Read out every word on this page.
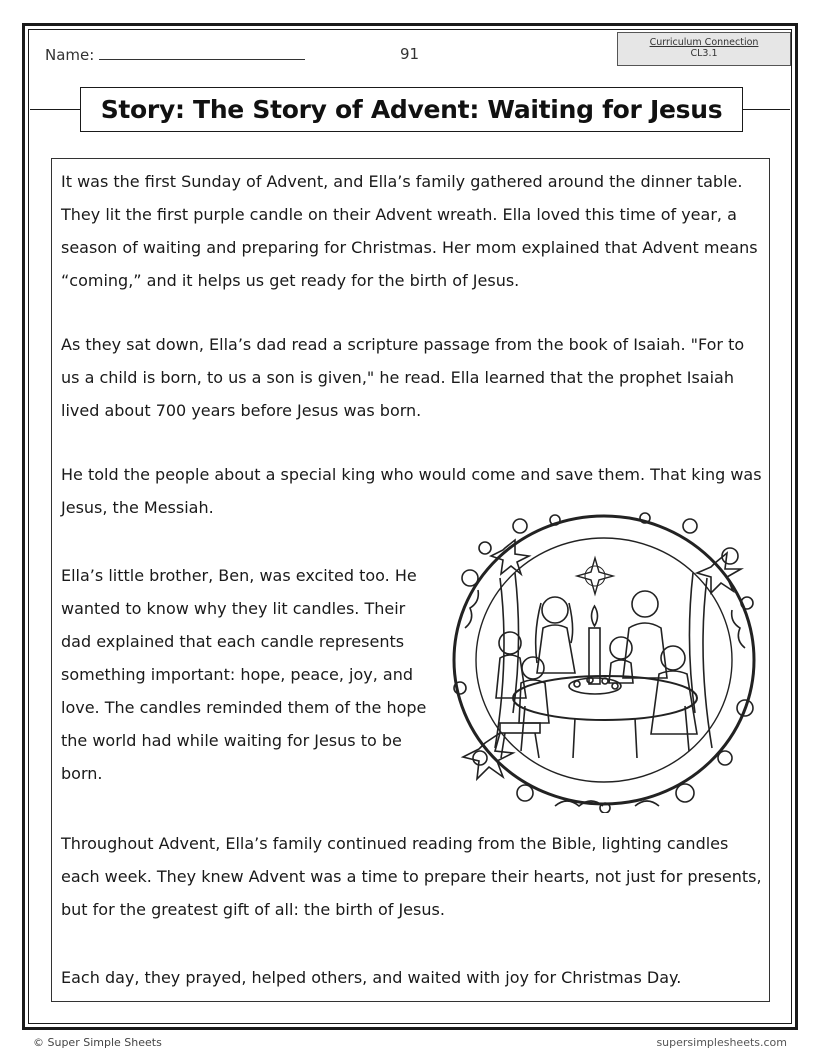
Name:	91
Curriculum Connection
CL3.1
Story: The Story of Advent: Waiting for Jesus

It was the first Sunday of Advent, and Ella’s family gathered around the dinner table. They lit the first purple candle on their Advent wreath. Ella loved this time of year, a season of waiting and preparing for Christmas. Her mom explained that Advent means “coming,” and it helps us get ready for the birth of Jesus.

As they sat down, Ella’s dad read a scripture passage from the book of Isaiah. "For to us a child is born, to us a son is given," he read. Ella learned that the prophet Isaiah lived about 700 years before Jesus was born.

He told the people about a special king who would come and save them. That king was Jesus, the Messiah.

Ella’s little brother, Ben, was excited too. He wanted to know why they lit candles. Their dad explained that each candle represents something important: hope, peace, joy, and love. The candles reminded them of the hope the world had while waiting for Jesus to be born.

Throughout Advent, Ella’s family continued reading from the Bible, lighting candles each week. They knew Advent was a time to prepare their hearts, not just for presents, but for the greatest gift of all: the birth of Jesus.

Each day, they prayed, helped others, and waited with joy for Christmas Day.

© Super Simple Sheets	supersimplesheets.com
